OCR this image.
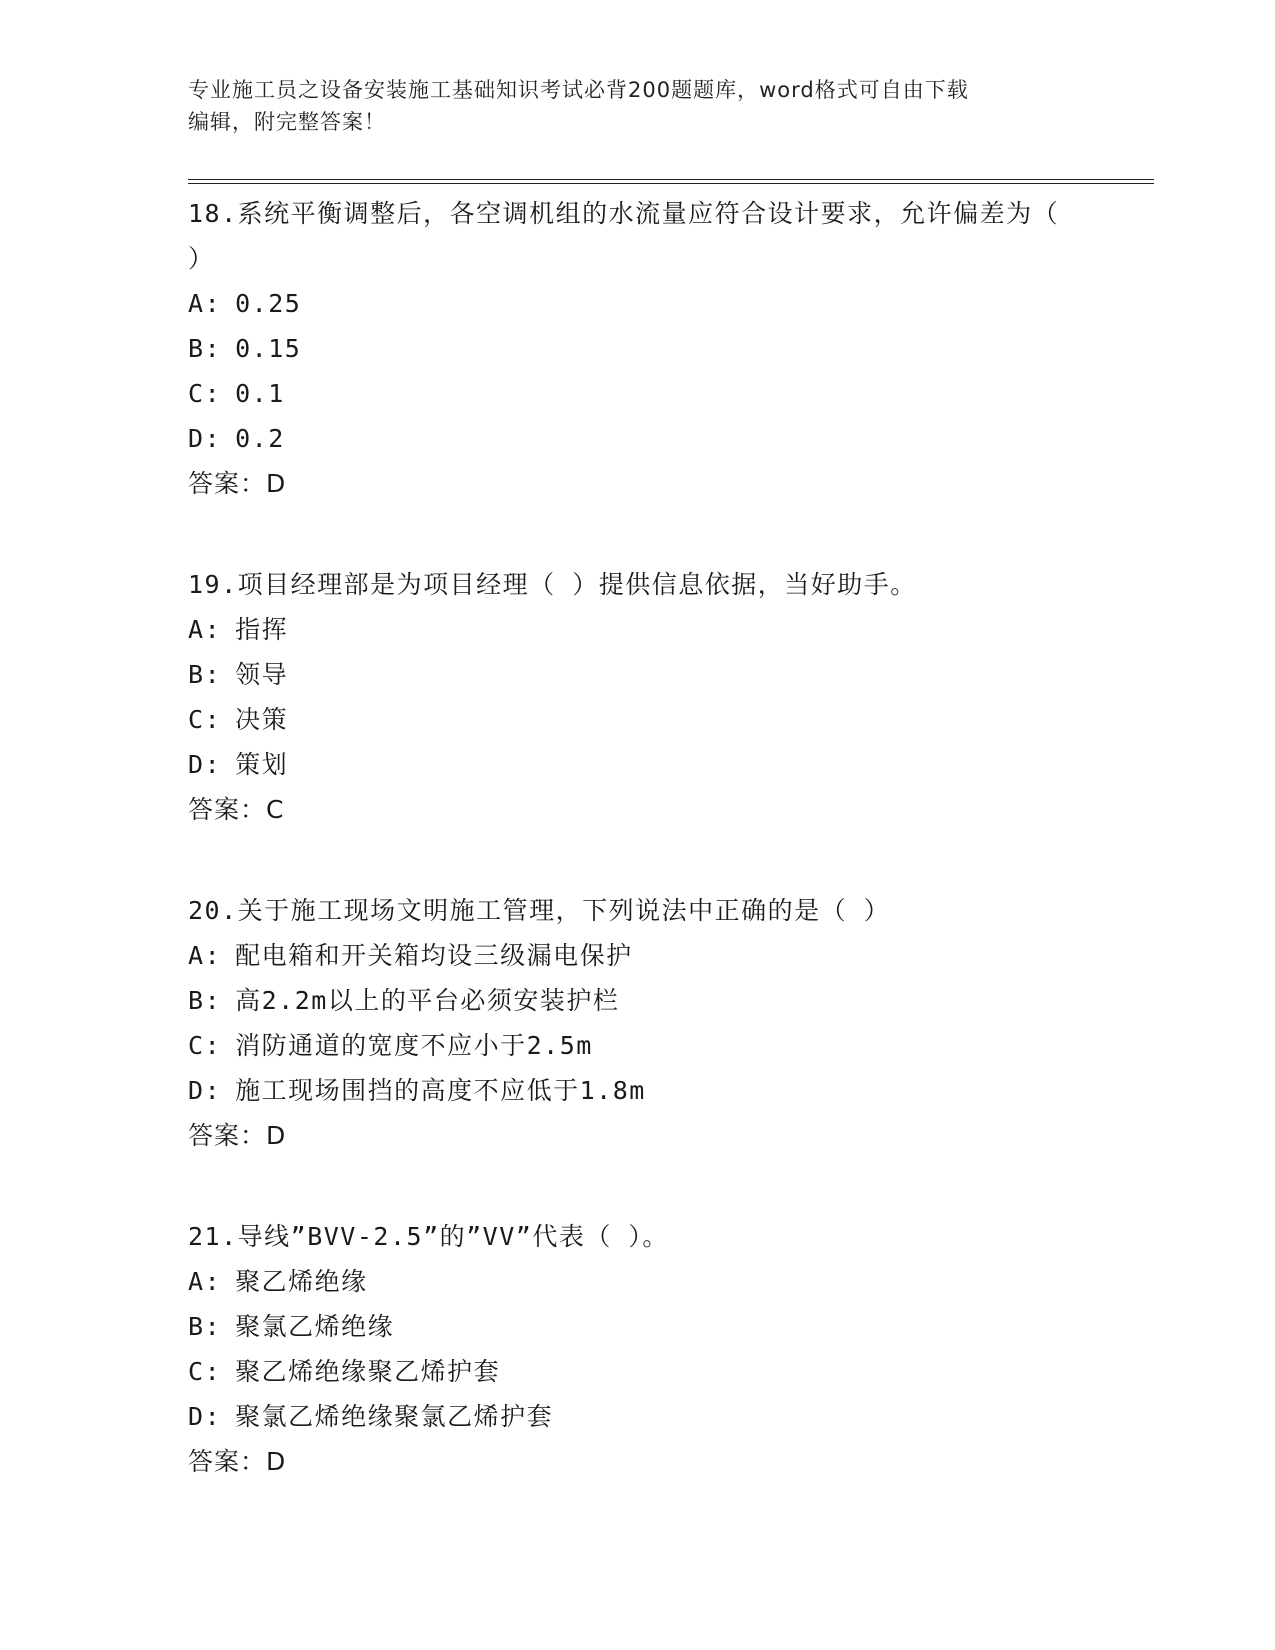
专业施工员之设备安装施工基础知识考试必背200题题库，word格式可自由下载
编辑，附完整答案！

18.系统平衡调整后，各空调机组的水流量应符合设计要求，允许偏差为（ ）

A: 0.25
B: 0.15
C: 0.1
D: 0.2

答案：D

19.项目经理部是为项目经理（ ）提供信息依据，当好助手。

A: 指挥
B: 领导
C: 决策
D: 策划

答案：C

20.关于施工现场文明施工管理，下列说法中正确的是（ ）

A: 配电箱和开关箱均设三级漏电保护
B: 高2.2m以上的平台必须安装护栏
C: 消防通道的宽度不应小于2.5m
D: 施工现场围挡的高度不应低于1.8m

答案：D

21.导线”BVV-2.5”的”VV”代表（ ）。

A: 聚乙烯绝缘
B: 聚氯乙烯绝缘
C: 聚乙烯绝缘聚乙烯护套
D: 聚氯乙烯绝缘聚氯乙烯护套

答案：D
